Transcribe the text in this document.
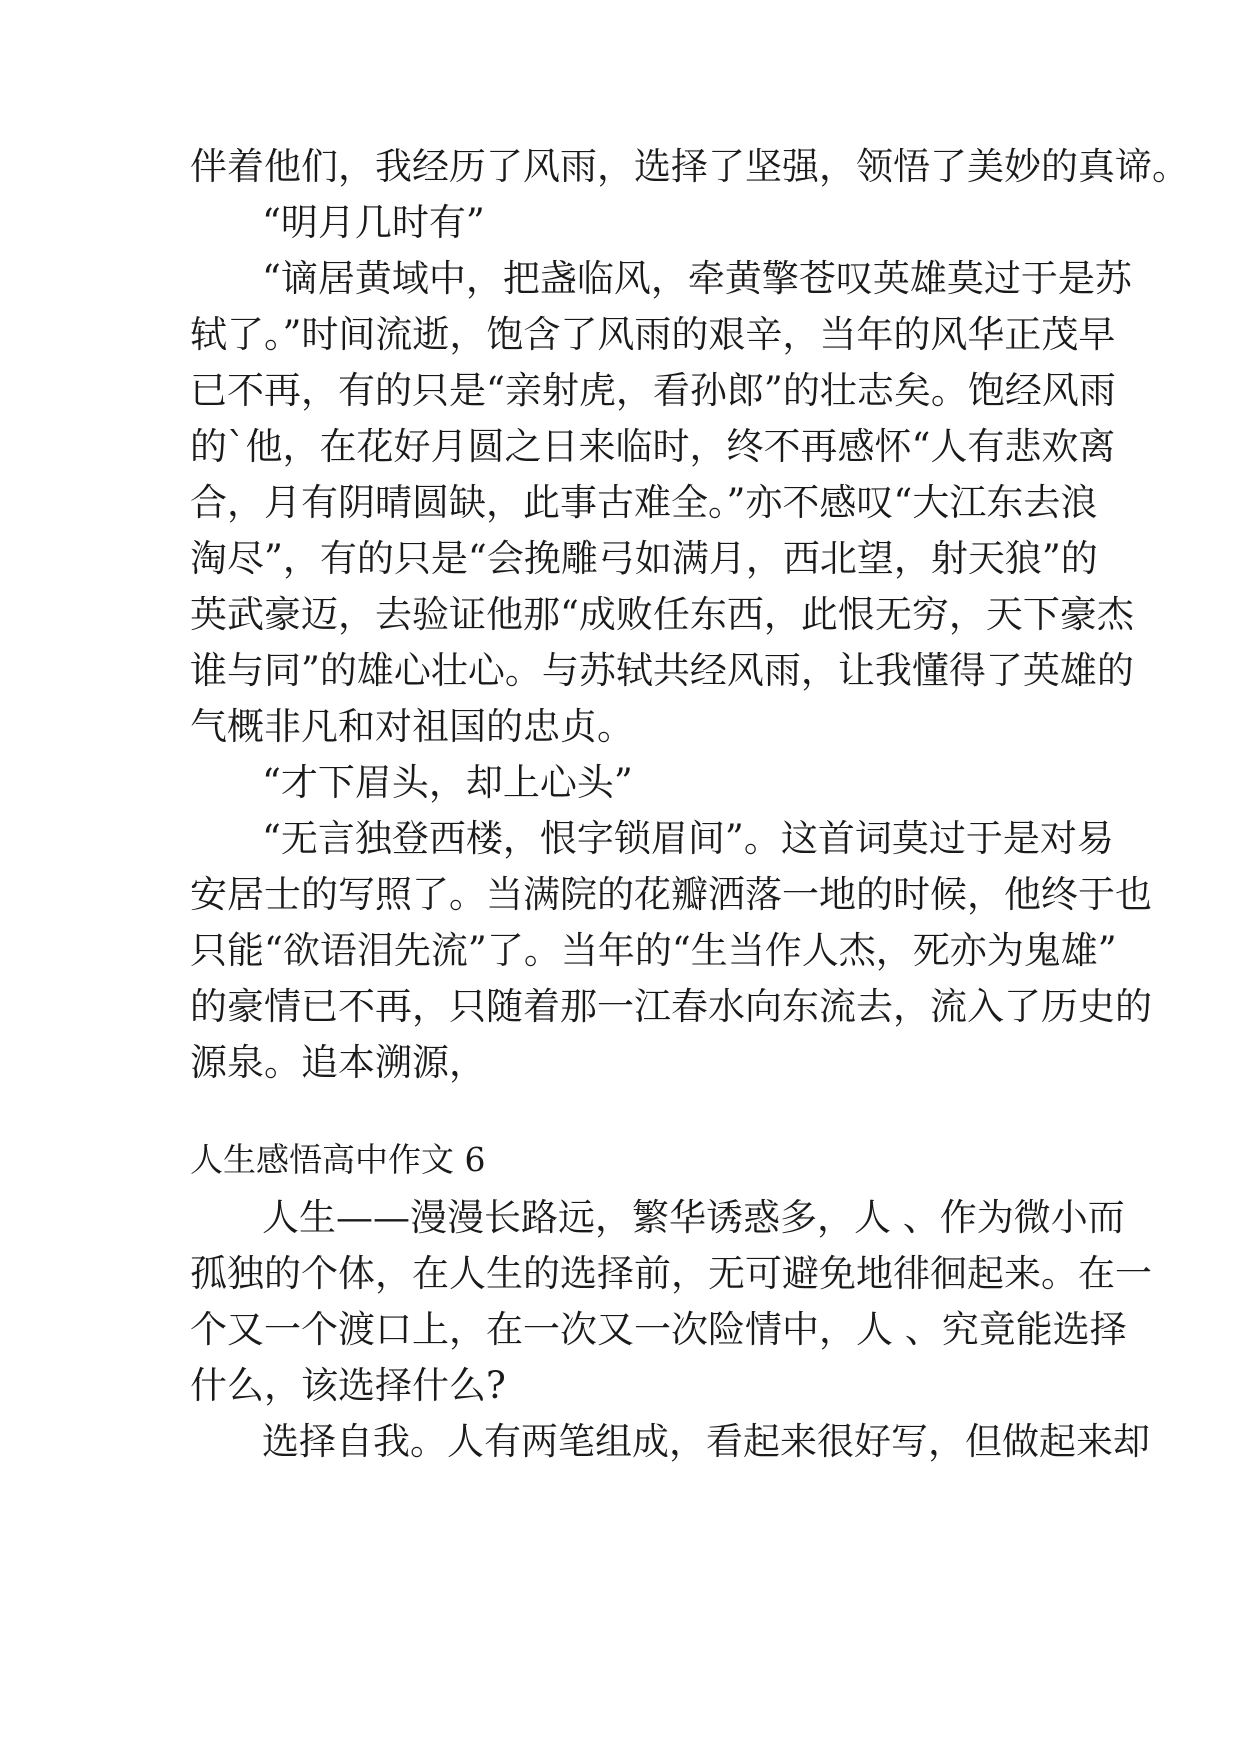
伴着他们，我经历了风雨，选择了坚强，领悟了美妙的真谛。
“明月几时有”
“谪居黄域中，把盏临风，牵黄擎苍叹英雄莫过于是苏
轼了。”时间流逝，饱含了风雨的艰辛，当年的风华正茂早
已不再，有的只是“亲射虎，看孙郎”的壮志矣。饱经风雨
的`他，在花好月圆之日来临时，终不再感怀“人有悲欢离
合，月有阴晴圆缺，此事古难全。”亦不感叹“大江东去浪
淘尽”，有的只是“会挽雕弓如满月，西北望，射天狼”的
英武豪迈，去验证他那“成败任东西，此恨无穷，天下豪杰
谁与同”的雄心壮心。与苏轼共经风雨，让我懂得了英雄的
气概非凡和对祖国的忠贞。
“才下眉头，却上心头”
“无言独登西楼，恨字锁眉间”。这首词莫过于是对易
安居士的写照了。当满院的花瓣洒落一地的时候，他终于也
只能“欲语泪先流”了。当年的“生当作人杰，死亦为鬼雄”
的豪情已不再，只随着那一江春水向东流去，流入了历史的
源泉。追本溯源，
人生感悟高中作文 6
人生——漫漫长路远，繁华诱惑多，人 、作为微小而
孤独的个体，在人生的选择前，无可避免地徘徊起来。在一
个又一个渡口上，在一次又一次险情中，人 、究竟能选择
什么，该选择什么?
选择自我。人有两笔组成，看起来很好写，但做起来却
